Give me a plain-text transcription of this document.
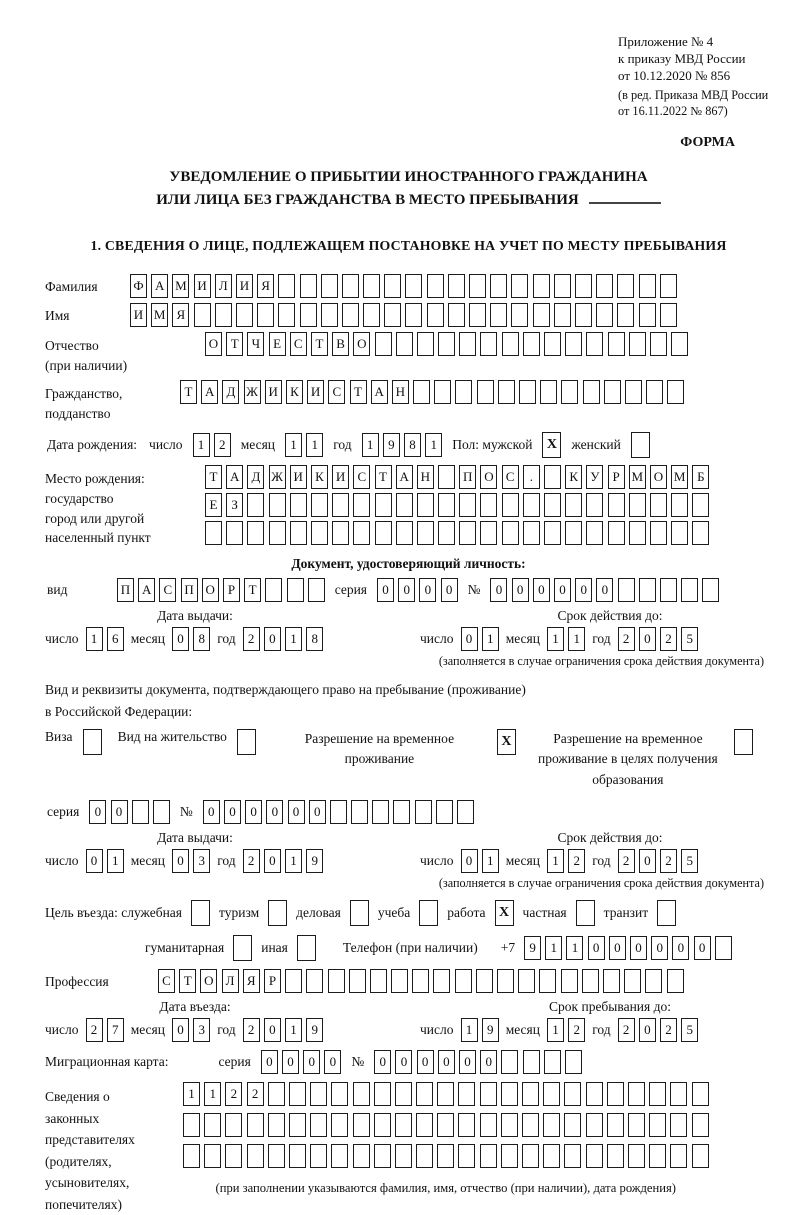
Приложение № 4
к приказу МВД России
от 10.12.2020 № 856
(в ред. Приказа МВД России
от 16.11.2022 № 867)
ФОРМА
УВЕДОМЛЕНИЕ О ПРИБЫТИИ ИНОСТРАННОГО ГРАЖДАНИНА
ИЛИ ЛИЦА БЕЗ ГРАЖДАНСТВА В МЕСТО ПРЕБЫВАНИЯ
1. СВЕДЕНИЯ О ЛИЦЕ, ПОДЛЕЖАЩЕМ ПОСТАНОВКЕ НА УЧЕТ ПО МЕСТУ ПРЕБЫВАНИЯ
Фамилия	Ф А М И Л И Я
Имя	И М Я
Отчество
(при наличии)
О Т Ч Е С Т В О
Гражданство,
подданство
Т А Д Ж И К И С Т А Н
Дата рождения: число	1	2	месяц	1	1	год	1	9	8	1	Пол: мужской	X	женский
Место рождения:
государство
город или другой
населенный пункт
Т А Д Ж И К И С Т А Н	П О С	.	К У Р М О М Б
Е	З
Документ, удостоверяющий личность:
вид	П А С П О Р	Т	серия	0	0	0	0	№	0	0	0	0	0	0
Дата выдачи:
число 1	6 месяц 0	8 год 2	0	1	8
Срок действия до:
число 0	1 месяц 1	1 год 2	0	2	5
(заполняется в случае ограничения срока действия документа)
Вид и реквизиты документа, подтверждающего право на пребывание (проживание)
в Российской Федерации:
Виза	Вид на жительство	Разрешение на временное проживание
X	Разрешение на временное проживание в целях получения образования
серия	0	0	№	0	0	0	0	0	0
Дата выдачи:
число 0	1 месяц 0	3 год 2	0	1	9
Срок действия до:
число 0	1 месяц 1	2 год 2	0	2	5
(заполняется в случае ограничения срока действия документа)
Цель въезда: служебная	туризм	деловая	учеба	работа X частная	транзит
гуманитарная	иная	Телефон (при наличии) +7	9	1	1	0	0	0	0	0	0
Профессия	С Т О Л Я	Р
Дата въезда:
число 2	7 месяц 0	3 год 2	0	1	9
Срок пребывания до:
число 1	9 месяц 1	2 год 2	0	2	5
Миграционная карта:	серия	0	0	0	0	№	0	0	0	0	0	0
Сведения о
законных
представителях
(родителях,
усыновителях,
попечителях)
1	1	2	2
(при заполнении указываются фамилия, имя, отчество (при наличии), дата рождения)
